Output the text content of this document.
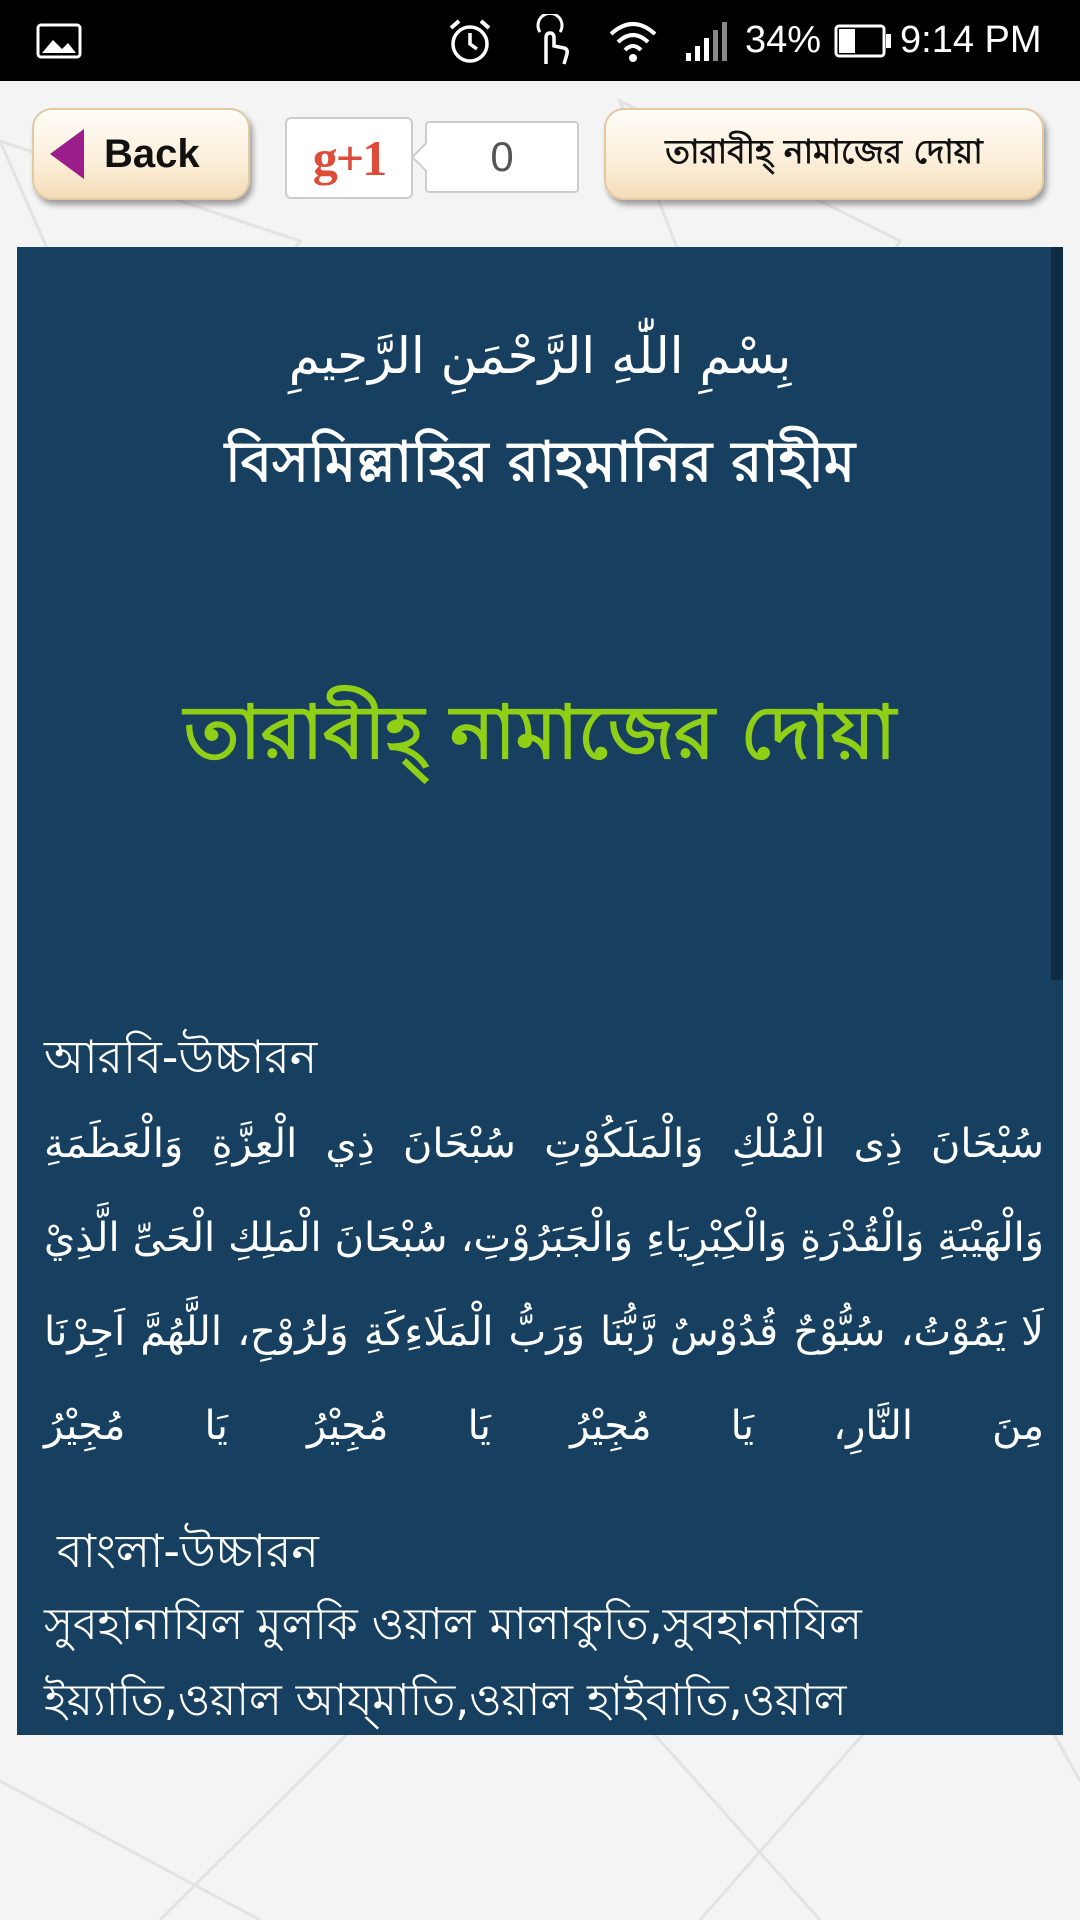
34% 9:14 PM
Back g+1	0	তারাবীহ্ নামাজের দোয়া
بِسْمِ اللّٰهِ الرَّحْمَنِ الرَّحِيمِ
বিসমিল্লাহির রাহমানির রাহীম
তারাবীহ্ নামাজের দোয়া
আরবি-উচ্চারন
سُبْحَانَ ذِى الْمُلْكِ وَالْمَلَكُوْتِ سُبْحَانَ ذِي الْعِزَّةِ وَالْعَظَمَةِ وَالْهَيْبَةِ وَالْقُدْرَةِ وَالْكِبْرِيَاءِ وَالْجَبَرُوْتِ، سُبْحَانَ الْمَلِكِ الْحَىِّ الَّذِيْ لَا يَمُوْتُ، سُبُّوْحٌ قُدُوْسٌ رَّبُّنَا وَرَبُّ الْمَلَاءِكَةِ وَلرُوْحِ، اللَّهُمَّ اَجِرْنَا مِنَ النَّارِ، يَا مُجِيْرُ يَا مُجِيْرُ يَا مُجِيْرُ
বাংলা-উচ্চারন
সুবহানাযিল মুলকি ওয়াল মালাকুতি,সুবহানাযিল ইয়্যাতি,ওয়াল আয্মাতি,ওয়াল হাইবাতি,ওয়াল
